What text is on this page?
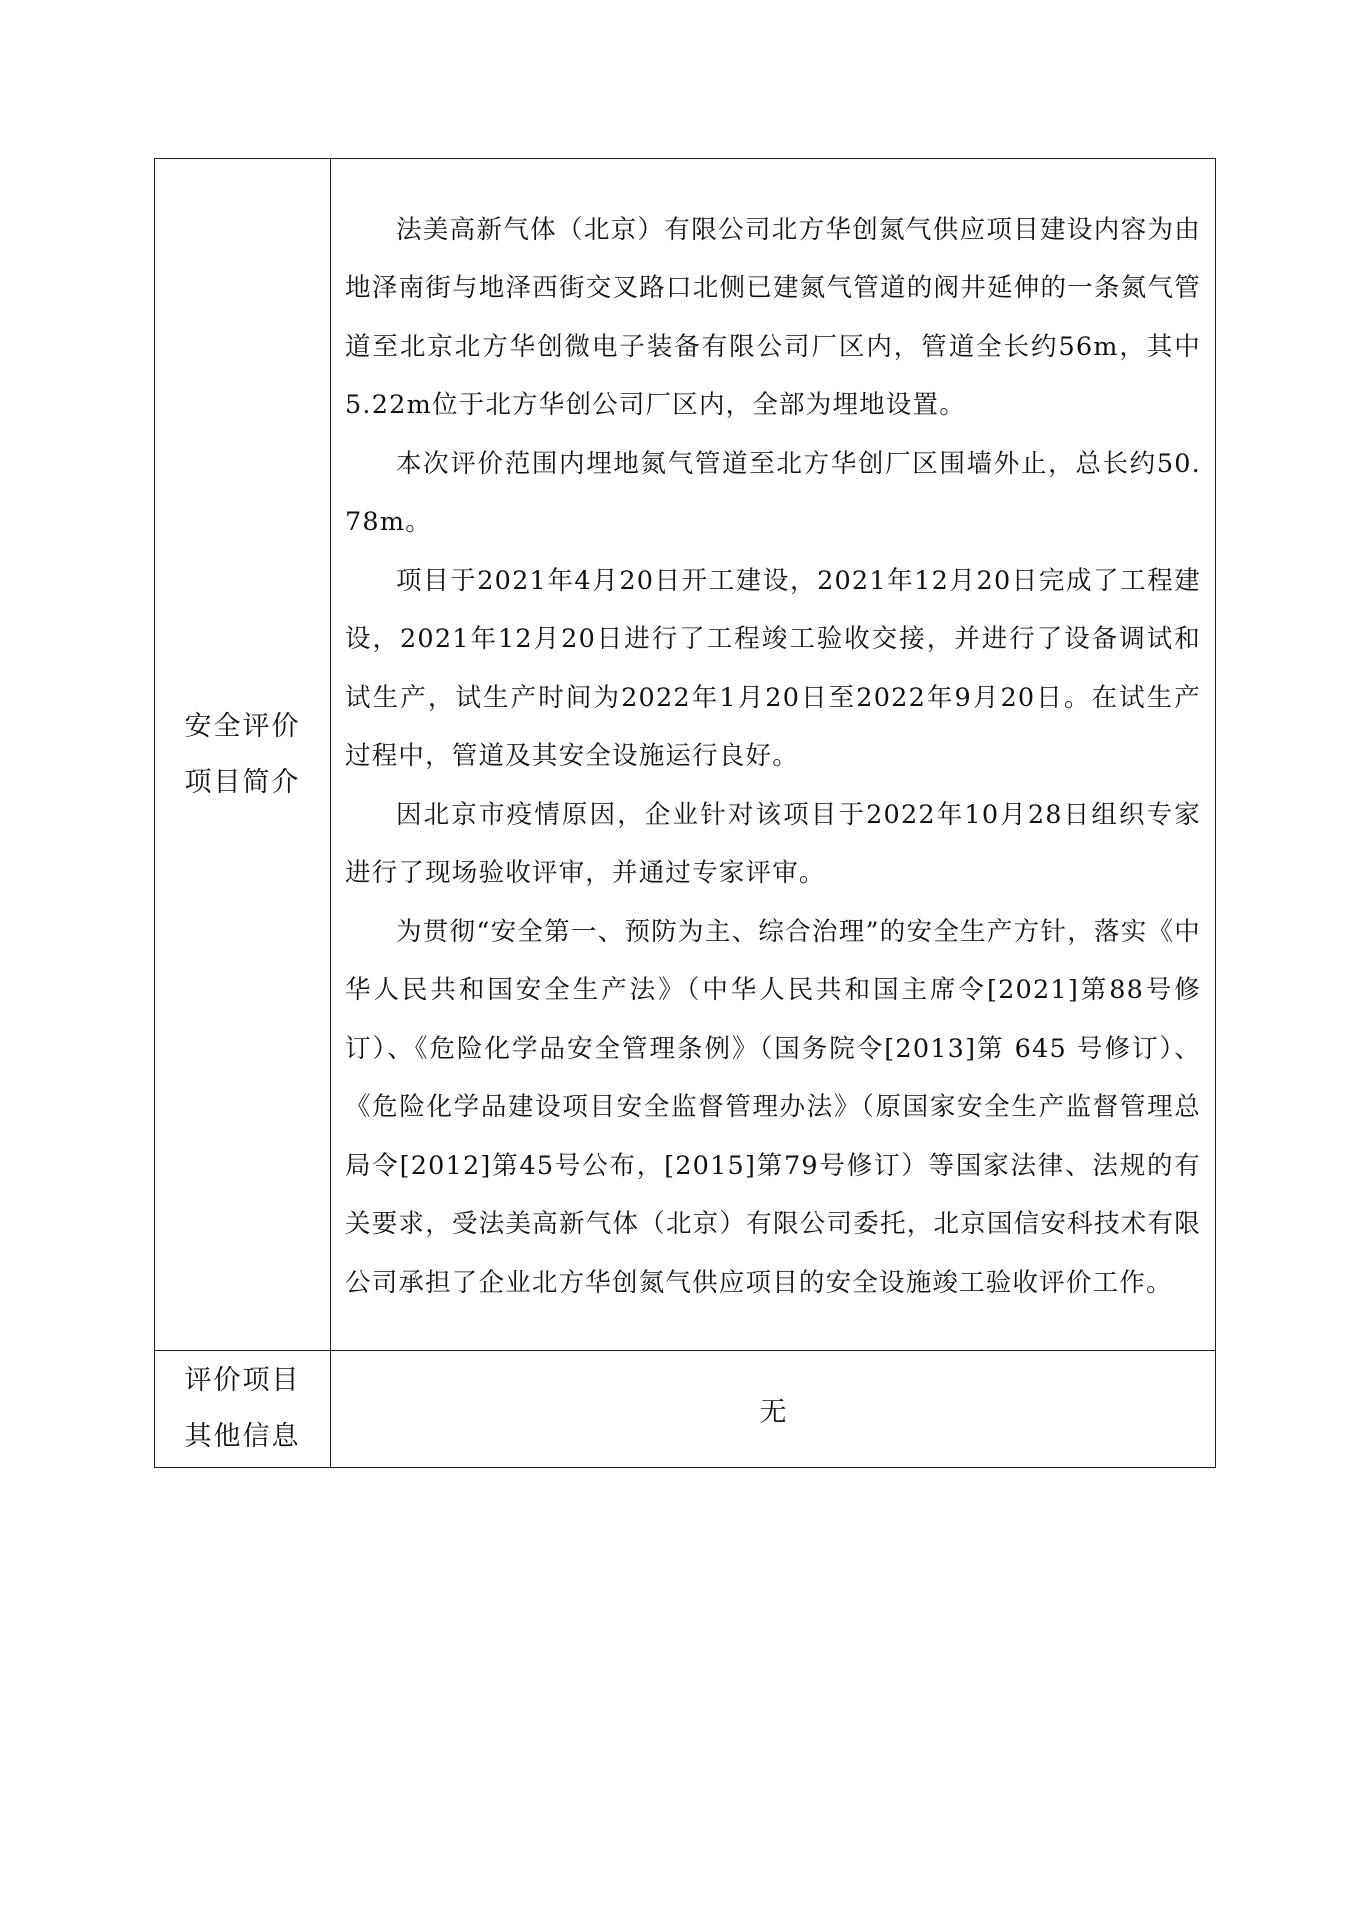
安全评价项目简介	法美高新气体（北京）有限公司北方华创氮气供应项目建设内容为由地泽南街与地泽西街交叉路口北侧已建氮气管道的阀井延伸的一条氮气管道至北京北方华创微电子装备有限公司厂区内，管道全长约56m，其中5.22m位于北方华创公司厂区内，全部为埋地设置。

本次评价范围内埋地氮气管道至北方华创厂区围墙外止，总长约50.78m。

项目于2021年4月20日开工建设，2021年12月20日完成了工程建设，2021年12月20日进行了工程竣工验收交接，并进行了设备调试和试生产，试生产时间为2022年1月20日至2022年9月20日。在试生产过程中，管道及其安全设施运行良好。

因北京市疫情原因，企业针对该项目于2022年10月28日组织专家进行了现场验收评审，并通过专家评审。

为贯彻“安全第一、预防为主、综合治理”的安全生产方针，落实《中华人民共和国安全生产法》（中华人民共和国主席令[2021]第88号修订）、《危险化学品安全管理条例》（国务院令[2013]第 645 号修订）、《危险化学品建设项目安全监督管理办法》（原国家安全生产监督管理总局令[2012]第45号公布，[2015]第79号修订）等国家法律、法规的有关要求，受法美高新气体（北京）有限公司委托，北京国信安科技术有限公司承担了企业北方华创氮气供应项目的安全设施竣工验收评价工作。

评价项目其他信息	无
